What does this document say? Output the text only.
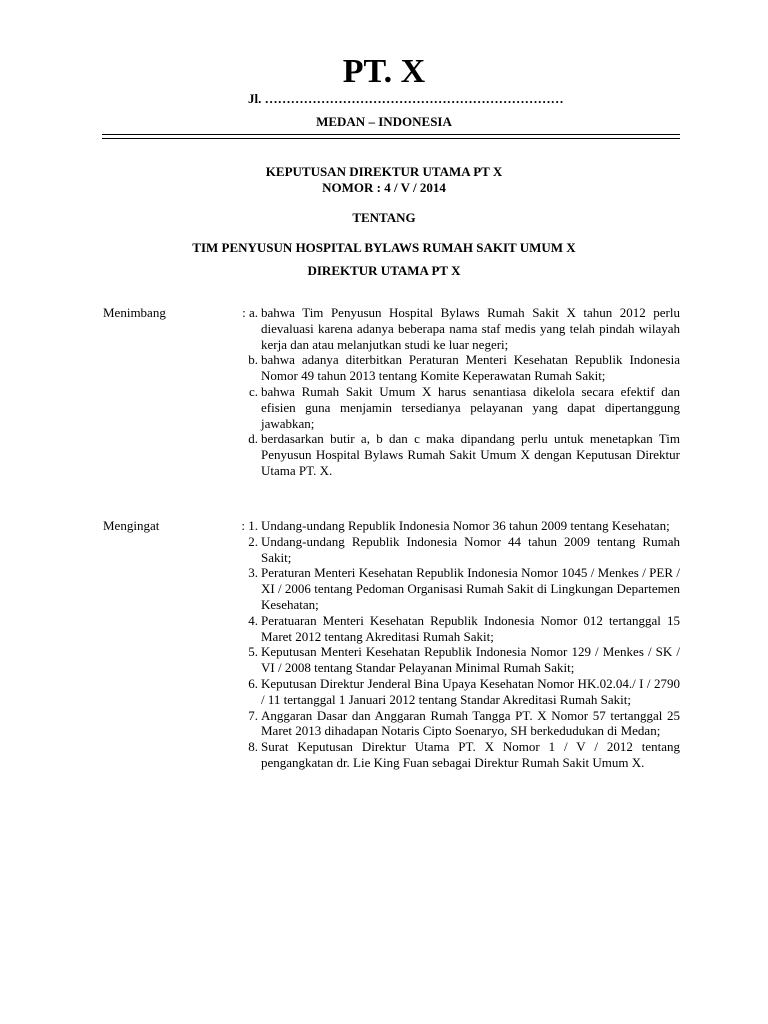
PT. X
Jl. ……………………………………………………………
MEDAN – INDONESIA
KEPUTUSAN DIREKTUR UTAMA PT X
NOMOR : 4 / V / 2014
TENTANG
TIM PENYUSUN HOSPITAL BYLAWS RUMAH SAKIT UMUM X
DIREKTUR UTAMA PT X
Menimbang	: a. bahwa Tim Penyusun Hospital Bylaws Rumah Sakit X tahun 2012 perlu dievaluasi karena adanya beberapa nama staf medis yang telah pindah wilayah kerja dan atau melanjutkan studi ke luar negeri;
b. bahwa adanya diterbitkan Peraturan Menteri Kesehatan Republik Indonesia Nomor 49 tahun 2013 tentang Komite Keperawatan Rumah Sakit;
c. bahwa Rumah Sakit Umum X harus senantiasa dikelola secara efektif dan efisien guna menjamin tersedianya pelayanan yang dapat dipertanggung jawabkan;
d. berdasarkan butir a, b dan c maka dipandang perlu untuk menetapkan Tim Penyusun Hospital Bylaws Rumah Sakit Umum X dengan Keputusan Direktur Utama PT. X.
Mengingat	: 1. Undang-undang Republik Indonesia Nomor 36 tahun 2009 tentang Kesehatan;
2. Undang-undang Republik Indonesia Nomor 44 tahun 2009 tentang Rumah Sakit;
3. Peraturan Menteri Kesehatan Republik Indonesia Nomor 1045 / Menkes / PER / XI / 2006 tentang Pedoman Organisasi Rumah Sakit di Lingkungan Departemen Kesehatan;
4. Peratuaran Menteri Kesehatan Republik Indonesia Nomor 012 tertanggal 15 Maret 2012 tentang Akreditasi Rumah Sakit;
5. Keputusan Menteri Kesehatan Republik Indonesia Nomor 129 / Menkes / SK / VI / 2008 tentang Standar Pelayanan Minimal Rumah Sakit;
6. Keputusan Direktur Jenderal Bina Upaya Kesehatan Nomor HK.02.04./ I / 2790 / 11 tertanggal 1 Januari 2012 tentang Standar Akreditasi Rumah Sakit;
7. Anggaran Dasar dan Anggaran Rumah Tangga PT. X Nomor 57 tertanggal 25 Maret 2013 dihadapan Notaris Cipto Soenaryo, SH berkedudukan di Medan;
8. Surat Keputusan Direktur Utama PT. X Nomor 1 / V / 2012 tentang pengangkatan dr. Lie King Fuan sebagai Direktur Rumah Sakit Umum X.
